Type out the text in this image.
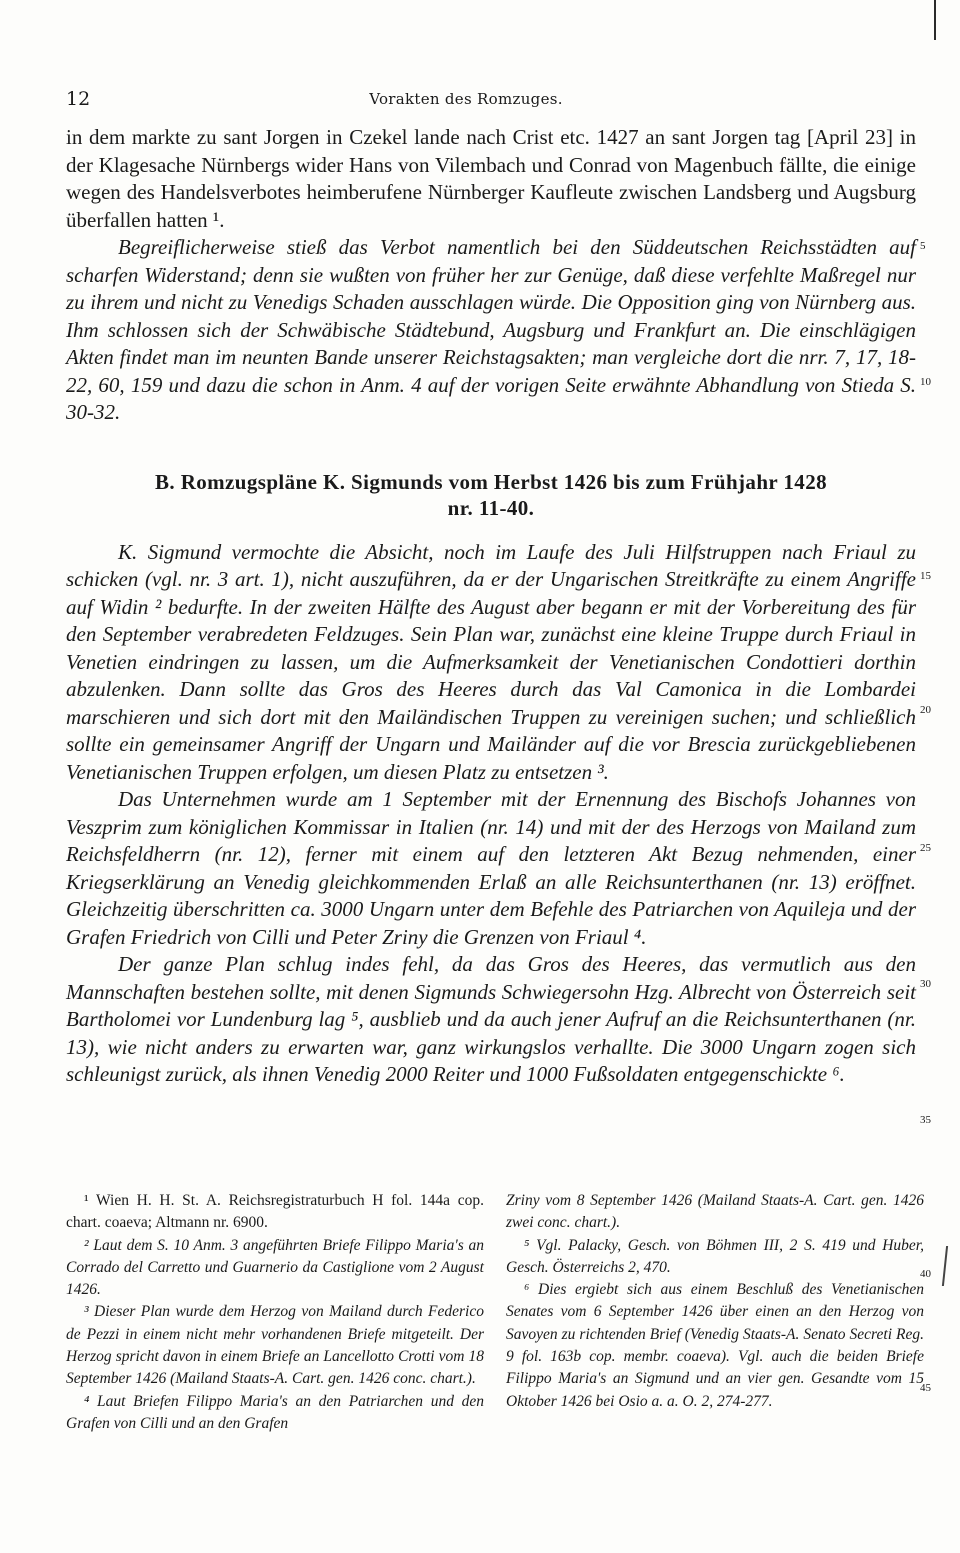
12	Vorakten des Romzuges.

in dem markte zu sant Jorgen in Czekel lande nach Crist etc. 1427 an sant Jorgen tag [April 23] in der Klagesache Nürnbergs wider Hans von Vilembach und Conrad von Magenbuch fällte, die einige wegen des Handelsverbotes heimberufene Nürnberger Kaufleute zwischen Landsberg und Augsburg überfallen hatten ¹.

Begreiflicherweise stieß das Verbot namentlich bei den Süddeutschen Reichsstädten auf scharfen Widerstand; denn sie wußten von früher her zur Genüge, daß diese verfehlte Maßregel nur zu ihrem und nicht zu Venedigs Schaden ausschlagen würde. Die Opposition ging von Nürnberg aus. Ihm schlossen sich der Schwäbische Städtebund, Augsburg und Frankfurt an. Die einschlägigen Akten findet man im neunten Bande unserer Reichstagsakten; man vergleiche dort die nrr. 7, 17, 18-22, 60, 159 und dazu die schon in Anm. 4 auf der vorigen Seite erwähnte Abhandlung von Stieda S. 30-32.

B. Romzugspläne K. Sigmunds vom Herbst 1426 bis zum Frühjahr 1428
nr. 11-40.

K. Sigmund vermochte die Absicht, noch im Laufe des Juli Hilfstruppen nach Friaul zu schicken (vgl. nr. 3 art. 1), nicht auszuführen, da er der Ungarischen Streitkräfte zu einem Angriffe auf Widin ² bedurfte. In der zweiten Hälfte des August aber begann er mit der Vorbereitung des für den September verabredeten Feldzuges. Sein Plan war, zunächst eine kleine Truppe durch Friaul in Venetien eindringen zu lassen, um die Aufmerksamkeit der Venetianischen Condottieri dorthin abzulenken. Dann sollte das Gros des Heeres durch das Val Camonica in die Lombardei marschieren und sich dort mit den Mailändischen Truppen zu vereinigen suchen; und schließlich sollte ein gemeinsamer Angriff der Ungarn und Mailänder auf die vor Brescia zurückgebliebenen Venetianischen Truppen erfolgen, um diesen Platz zu entsetzen ³.

Das Unternehmen wurde am 1 September mit der Ernennung des Bischofs Johannes von Veszprim zum königlichen Kommissar in Italien (nr. 14) und mit der des Herzogs von Mailand zum Reichsfeldherrn (nr. 12), ferner mit einem auf den letzteren Akt Bezug nehmenden, einer Kriegserklärung an Venedig gleichkommenden Erlaß an alle Reichsunterthanen (nr. 13) eröffnet. Gleichzeitig überschritten ca. 3000 Ungarn unter dem Befehle des Patriarchen von Aquileja und der Grafen Friedrich von Cilli und Peter Zriny die Grenzen von Friaul ⁴.

Der ganze Plan schlug indes fehl, da das Gros des Heeres, das vermutlich aus den Mannschaften bestehen sollte, mit denen Sigmunds Schwiegersohn Hzg. Albrecht von Österreich seit Bartholomei vor Lundenburg lag ⁵, ausblieb und da auch jener Aufruf an die Reichsunterthanen (nr. 13), wie nicht anders zu erwarten war, ganz wirkungslos verhallte. Die 3000 Ungarn zogen sich schleunigst zurück, als ihnen Venedig 2000 Reiter und 1000 Fußsoldaten entgegenschickte ⁶.

5
10
15
20
25
30
35
40
45

¹ Wien H. H. St. A. Reichsregistraturbuch H fol. 144a cop. chart. coaeva; Altmann nr. 6900.

² Laut dem S. 10 Anm. 3 angeführten Briefe Filippo Maria's an Corrado del Carretto und Guarnerio da Castiglione vom 2 August 1426.

³ Dieser Plan wurde dem Herzog von Mailand durch Federico de Pezzi in einem nicht mehr vorhandenen Briefe mitgeteilt. Der Herzog spricht davon in einem Briefe an Lancellotto Crotti vom 18 September 1426 (Mailand Staats-A. Cart. gen. 1426 conc. chart.).

⁴ Laut Briefen Filippo Maria's an den Patriarchen und den Grafen von Cilli und an den Grafen

Zriny vom 8 September 1426 (Mailand Staats-A. Cart. gen. 1426 zwei conc. chart.).

⁵ Vgl. Palacky, Gesch. von Böhmen III, 2 S. 419 und Huber, Gesch. Österreichs 2, 470.

⁶ Dies ergiebt sich aus einem Beschluß des Venetianischen Senates vom 6 September 1426 über einen an den Herzog von Savoyen zu richtenden Brief (Venedig Staats-A. Senato Secreti Reg. 9 fol. 163b cop. membr. coaeva). Vgl. auch die beiden Briefe Filippo Maria's an Sigmund und an vier gen. Gesandte vom 15 Oktober 1426 bei Osio a. a. O. 2, 274-277.
